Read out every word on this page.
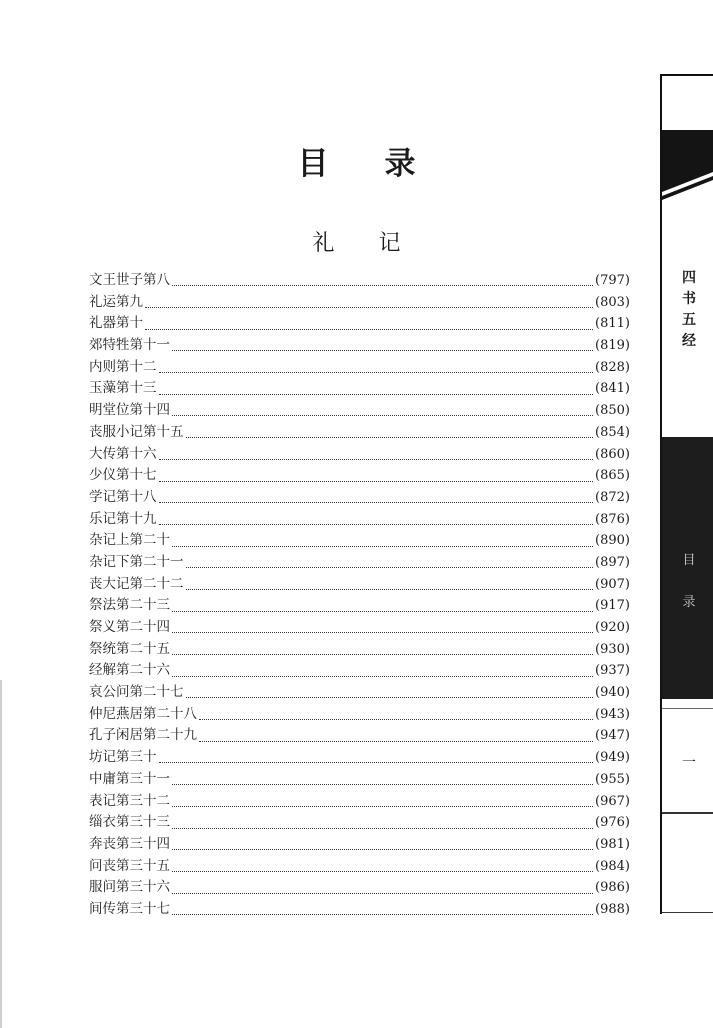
目录
礼记
文王世子第八	(797)
礼运第九	(803)
礼器第十	(811)
郊特牲第十一	(819)
内则第十二	(828)
玉藻第十三	(841)
明堂位第十四	(850)
丧服小记第十五	(854)
大传第十六	(860)
少仪第十七	(865)
学记第十八	(872)
乐记第十九	(876)
杂记上第二十	(890)
杂记下第二十一	(897)
丧大记第二十二	(907)
祭法第二十三	(917)
祭义第二十四	(920)
祭统第二十五	(930)
经解第二十六	(937)
哀公问第二十七	(940)
仲尼燕居第二十八	(943)
孔子闲居第二十九	(947)
坊记第三十	(949)
中庸第三十一	(955)
表记第三十二	(967)
缁衣第三十三	(976)
奔丧第三十四	(981)
问丧第三十五	(984)
服问第三十六	(986)
间传第三十七	(988)
四
书
五
经
目
录
一
